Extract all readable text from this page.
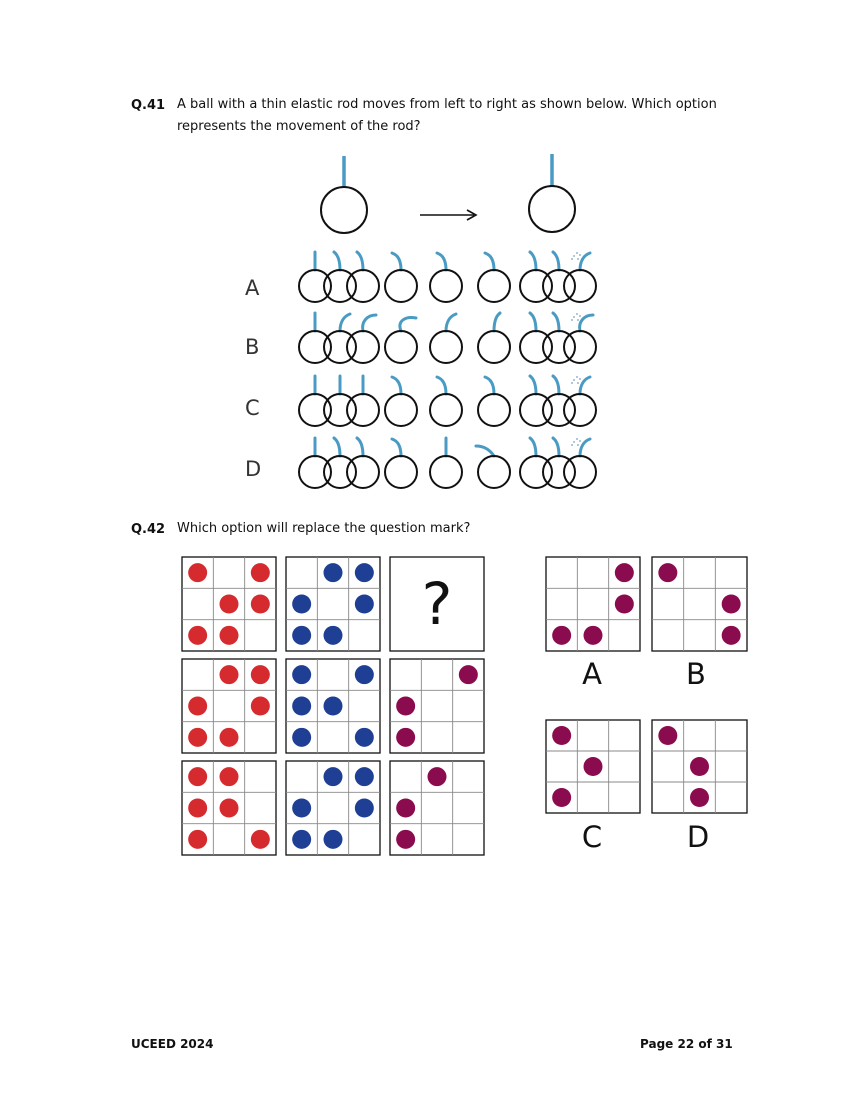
Q.41 A ball with a thin elastic rod moves from left to right as shown below. Which option
represents the movement of the rod?
A
B
C
D
Q.42 Which option will replace the question mark?
?
A	B
C	D
UCEED 2024	Page 22 of 31
